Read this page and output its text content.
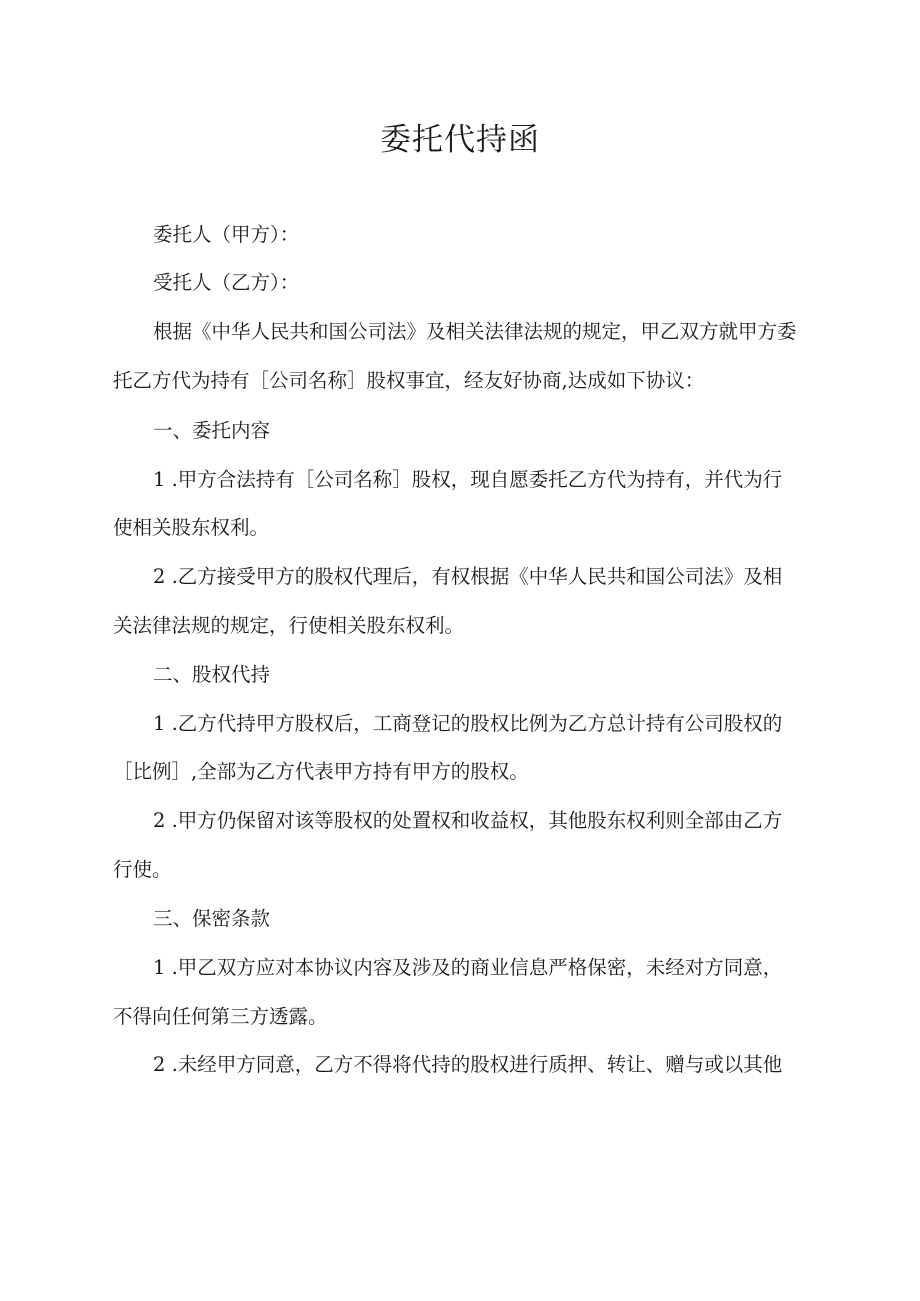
委托代持函
委托人（甲方）：
受托人（乙方）：
根据《中华人民共和国公司法》及相关法律法规的规定，甲乙双方就甲方委
托乙方代为持有［公司名称］股权事宜，经友好协商,达成如下协议：
一、委托内容
1 .甲方合法持有［公司名称］股权，现自愿委托乙方代为持有，并代为行
使相关股东权利。
2 .乙方接受甲方的股权代理后，有权根据《中华人民共和国公司法》及相
关法律法规的规定，行使相关股东权利。
二、股权代持
1 .乙方代持甲方股权后，工商登记的股权比例为乙方总计持有公司股权的
［比例］,全部为乙方代表甲方持有甲方的股权。
2 .甲方仍保留对该等股权的处置权和收益权，其他股东权利则全部由乙方
行使。
三、保密条款
1 .甲乙双方应对本协议内容及涉及的商业信息严格保密，未经对方同意，
不得向任何第三方透露。
2 .未经甲方同意，乙方不得将代持的股权进行质押、转让、赠与或以其他
